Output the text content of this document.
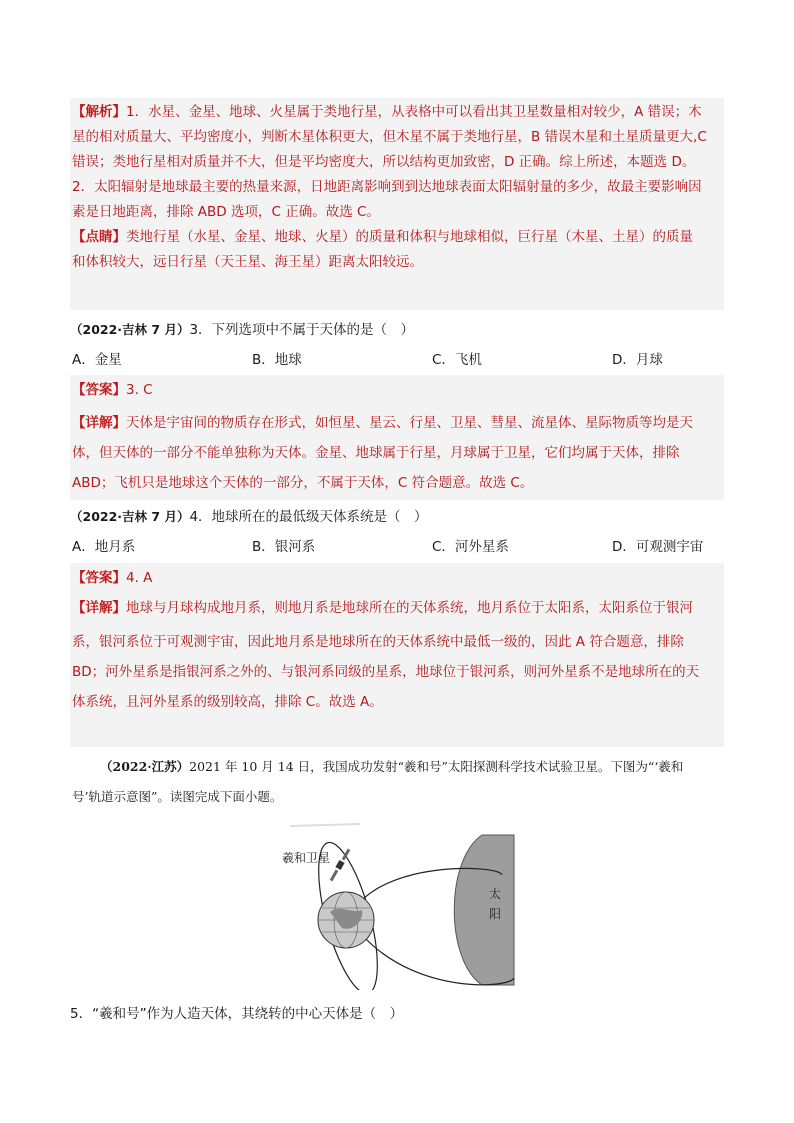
【解析】1．水星、金星、地球、火星属于类地行星，从表格中可以看出其卫星数量相对较少，A 错误；木
星的相对质量大、平均密度小，判断木星体积更大，但木星不属于类地行星，B 错误木星和土星质量更大,C
错误；类地行星相对质量并不大，但是平均密度大，所以结构更加致密，D 正确。综上所述，本题选 D。
2．太阳辐射是地球最主要的热量来源，日地距离影响到到达地球表面太阳辐射量的多少，故最主要影响因
素是日地距离，排除 ABD 选项，C 正确。故选 C。
【点睛】类地行星（水星、金星、地球、火星）的质量和体积与地球相似，巨行星（木星、土星）的质量
和体积较大，远日行星（天王星、海王星）距离太阳较远。
（2022·吉林 7 月）3．下列选项中不属于天体的是（　）
A．金星	B．地球	C．飞机	D．月球
【答案】3. C
【详解】天体是宇宙间的物质存在形式，如恒星、星云、行星、卫星、彗星、流星体、星际物质等均是天
体，但天体的一部分不能单独称为天体。金星、地球属于行星，月球属于卫星，它们均属于天体，排除
ABD；飞机只是地球这个天体的一部分，不属于天体，C 符合题意。故选 C。
（2022·吉林 7 月）4．地球所在的最低级天体系统是（　）
A．地月系	B．银河系	C．河外星系	D．可观测宇宙
【答案】4. A
【详解】地球与月球构成地月系，则地月系是地球所在的天体系统，地月系位于太阳系，太阳系位于银河
系，银河系位于可观测宇宙，因此地月系是地球所在的天体系统中最低一级的，因此 A 符合题意，排除
BD；河外星系是指银河系之外的、与银河系同级的星系，地球位于银河系，则河外星系不是地球所在的天
体系统，且河外星系的级别较高，排除 C。故选 A。
（2022·江苏）2021 年 10 月 14 日，我国成功发射“羲和号”太阳探测科学技术试验卫星。下图为“‘羲和
号’轨道示意图”。读图完成下面小题。
太
阳
羲和卫星
5．“羲和号”作为人造天体，其绕转的中心天体是（　）
